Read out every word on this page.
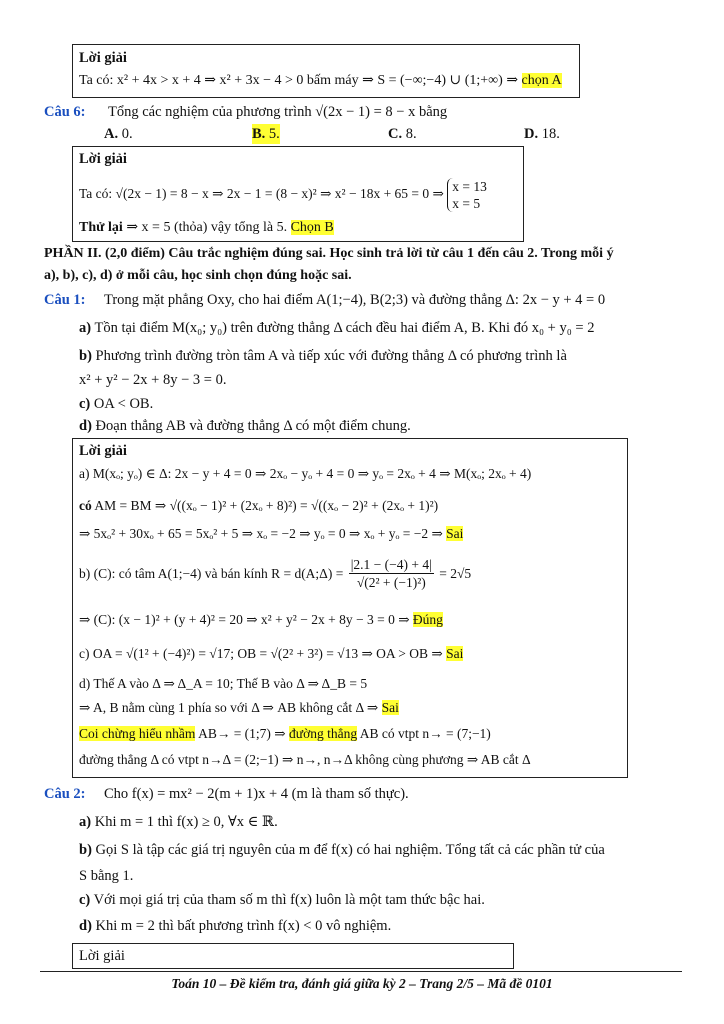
Lời giải
Ta có: x² + 4x > x + 4 ⇒ x² + 3x − 4 > 0 bấm máy ⇒ S = (−∞;−4) ∪ (1;+∞) ⇒ chọn A
Câu 6: Tổng các nghiệm của phương trình √(2x − 1) = 8 − x bằng
A. 0.	B. 5.	C. 8.	D. 18.
Lời giải
Ta có: √(2x − 1) = 8 − x ⇒ 2x − 1 = (8 − x)² ⇒ x² − 18x + 65 = 0 ⇒ x = 13
x = 5
Thử lại ⇒ x = 5 (thỏa) vậy tổng là 5. Chọn B
PHẦN II. (2,0 điểm) Câu trắc nghiệm đúng sai. Học sinh trả lời từ câu 1 đến câu 2. Trong mỗi ý
a), b), c), d) ở mỗi câu, học sinh chọn đúng hoặc sai.
Câu 1: Trong mặt phẳng Oxy, cho hai điểm A(1;−4), B(2;3) và đường thẳng Δ: 2x − y + 4 = 0
a) Tồn tại điểm M(x₀; y₀) trên đường thẳng Δ cách đều hai điểm A, B. Khi đó x₀ + y₀ = 2
b) Phương trình đường tròn tâm A và tiếp xúc với đường thẳng Δ có phương trình là
x² + y² − 2x + 8y − 3 = 0.
c) OA < OB.
d) Đoạn thẳng AB và đường thẳng Δ có một điểm chung.
Lời giải
a) M(xₒ; yₒ) ∈ Δ: 2x − y + 4 = 0 ⇒ 2xₒ − yₒ + 4 = 0 ⇒ yₒ = 2xₒ + 4 ⇒ M(xₒ; 2xₒ + 4)
có AM = BM ⇒ √((xₒ − 1)² + (2xₒ + 8)²) = √((xₒ − 2)² + (2xₒ + 1)²)
⇒ 5xₒ² + 30xₒ + 65 = 5xₒ² + 5 ⇒ xₒ = −2 ⇒ yₒ = 0 ⇒ xₒ + yₒ = −2 ⇒ Sai
b) (C): có tâm A(1;−4) và bán kính R = d(A;Δ) = $\frac{|2.1 - (-4) + 4|}{\text{√(2² + (−1)²)}} = 2√5$
⇒ (C): (x − 1)² + (y + 4)² = 20 ⇒ x² + y² − 2x + 8y − 3 = 0 ⇒ Đúng
c) OA = √(1² + (−4)²) = √17; OB = √(2² + 3²) = √13 ⇒ OA > OB ⇒ Sai
d) Thế A vào Δ ⇒ Δ_A = 10; Thế B vào Δ ⇒ Δ_B = 5
⇒ A, B nằm cùng 1 phía so với Δ ⇒ AB không cắt Δ ⇒ Sai
Coi chừng hiểu nhầm AB→ = (1;7) ⇒ đường thẳng AB có vtpt n→ = (7;−1)
đường thẳng Δ có vtpt n→Δ = (2;−1) ⇒ n→, n→Δ không cùng phương ⇒ AB cắt Δ
Câu 2: Cho f(x) = mx² − 2(m + 1)x + 4 (m là tham số thực).
a) Khi m = 1 thì f(x) ≥ 0, ∀x ∈ ℝ.
b) Gọi S là tập các giá trị nguyên của m để f(x) có hai nghiệm. Tổng tất cả các phần tử của
S bằng 1.
c) Với mọi giá trị của tham số m thì f(x) luôn là một tam thức bậc hai.
d) Khi m = 2 thì bất phương trình f(x) < 0 vô nghiệm.
Lời giải
Toán 10 – Đề kiểm tra, đánh giá giữa kỳ 2 – Trang 2/5 – Mã đề 0101
